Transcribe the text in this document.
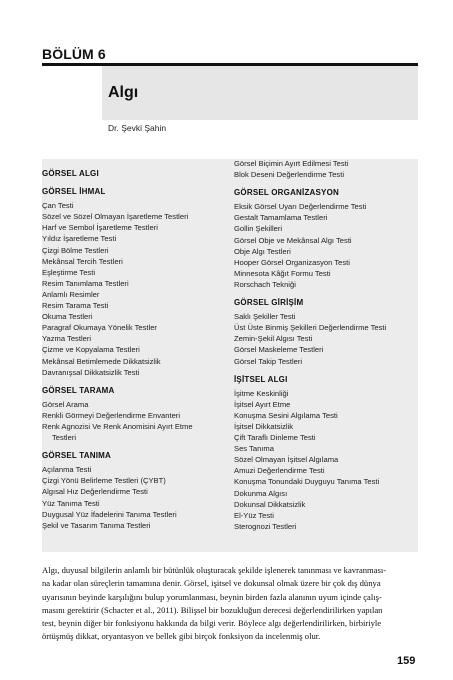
BÖLÜM 6
Algı
Dr. Şevki Şahin
GÖRSEL ALGI
GÖRSEL İHMAL
Çan Testi
Sözel ve Sözel Olmayan İşaretleme Testleri
Harf ve Sembol İşaretleme Testleri
Yıldız İşaretleme Testi
Çizgi Bölme Testleri
Mekânsal Tercih Testleri
Eşleştirme Testi
Resim Tanımlama Testleri
Anlamlı Resimler
Resim Tarama Testi
Okuma Testleri
Paragraf Okumaya Yönelik Testler
Yazma Testleri
Çizme ve Kopyalama Testleri
Mekânsal Betimlemede Dikkatsizlik
Davranışsal Dikkatsizlik Testi
GÖRSEL TARAMA
Görsel Arama
Renkli Görmeyi Değerlendirme Envanteri
Renk Agnozisi Ve Renk Anomisini Ayırt Etme
Testleri
GÖRSEL TANIMA
Açılanma Testi
Çizgi Yönü Belirleme Testleri (ÇYBT)
Algısal Hız Değerlendirme Testi
Yüz Tanıma Testi
Duygusal Yüz İfadelerini Tanıma Testleri
Şekil ve Tasarım Tanıma Testleri
Görsel Biçimin Ayırt Edilmesi Testi
Blok Deseni Değerlendirme Testi
GÖRSEL ORGANİZASYON
Eksik Görsel Uyarı Değerlendirme Testi
Gestalt Tamamlama Testleri
Gollin Şekilleri
Görsel Obje ve Mekânsal Algı Testi
Obje Algı Testleri
Hooper Görsel Organizasyon Testi
Minnesota Kâğıt Formu Testi
Rorschach Tekniği
GÖRSEL GİRİŞİM
Saklı Şekiller Testi
Üst Üste Binmiş Şekilleri Değerlendirme Testi
Zemin-Şekil Algısı Testi
Görsel Maskeleme Testleri
Görsel Takip Testleri
İŞİTSEL ALGI
İşitme Keskinliği
İşitsel Ayırt Etme
Konuşma Sesini Algılama Testi
İşitsel Dikkatsizlik
Çift Taraflı Dinleme Testi
Ses Tanıma
Sözel Olmayan İşitsel Algılama
Amuzi Değerlendirme Testi
Konuşma Tonundaki Duyguyu Tanıma Testi
Dokunma Algısı
Dokunsal Dikkatsizlik
El-Yüz Testi
Sterognozi Testleri

Algı, duyusal bilgilerin anlamlı bir bütünlük oluşturacak şekilde işlenerek tanınması ve kavranması-

na kadar olan süreçlerin tamamına denir. Görsel, işitsel ve dokunsal olmak üzere bir çok dış dünya

uyarısının beyinde karşılığını bulup yorumlanması, beynin birden fazla alanının uyum içinde çalış-

masını gerektirir (Schacter et al., 2011). Bilişsel bir bozukluğun derecesi değerlendirilirken yapılan

test, beynin diğer bir fonksiyonu hakkında da bilgi verir. Böylece algı değerlendirilirken, birbiriyle

örtüşmüş dikkat, oryantasyon ve bellek gibi birçok fonksiyon da incelenmiş olur.

159
